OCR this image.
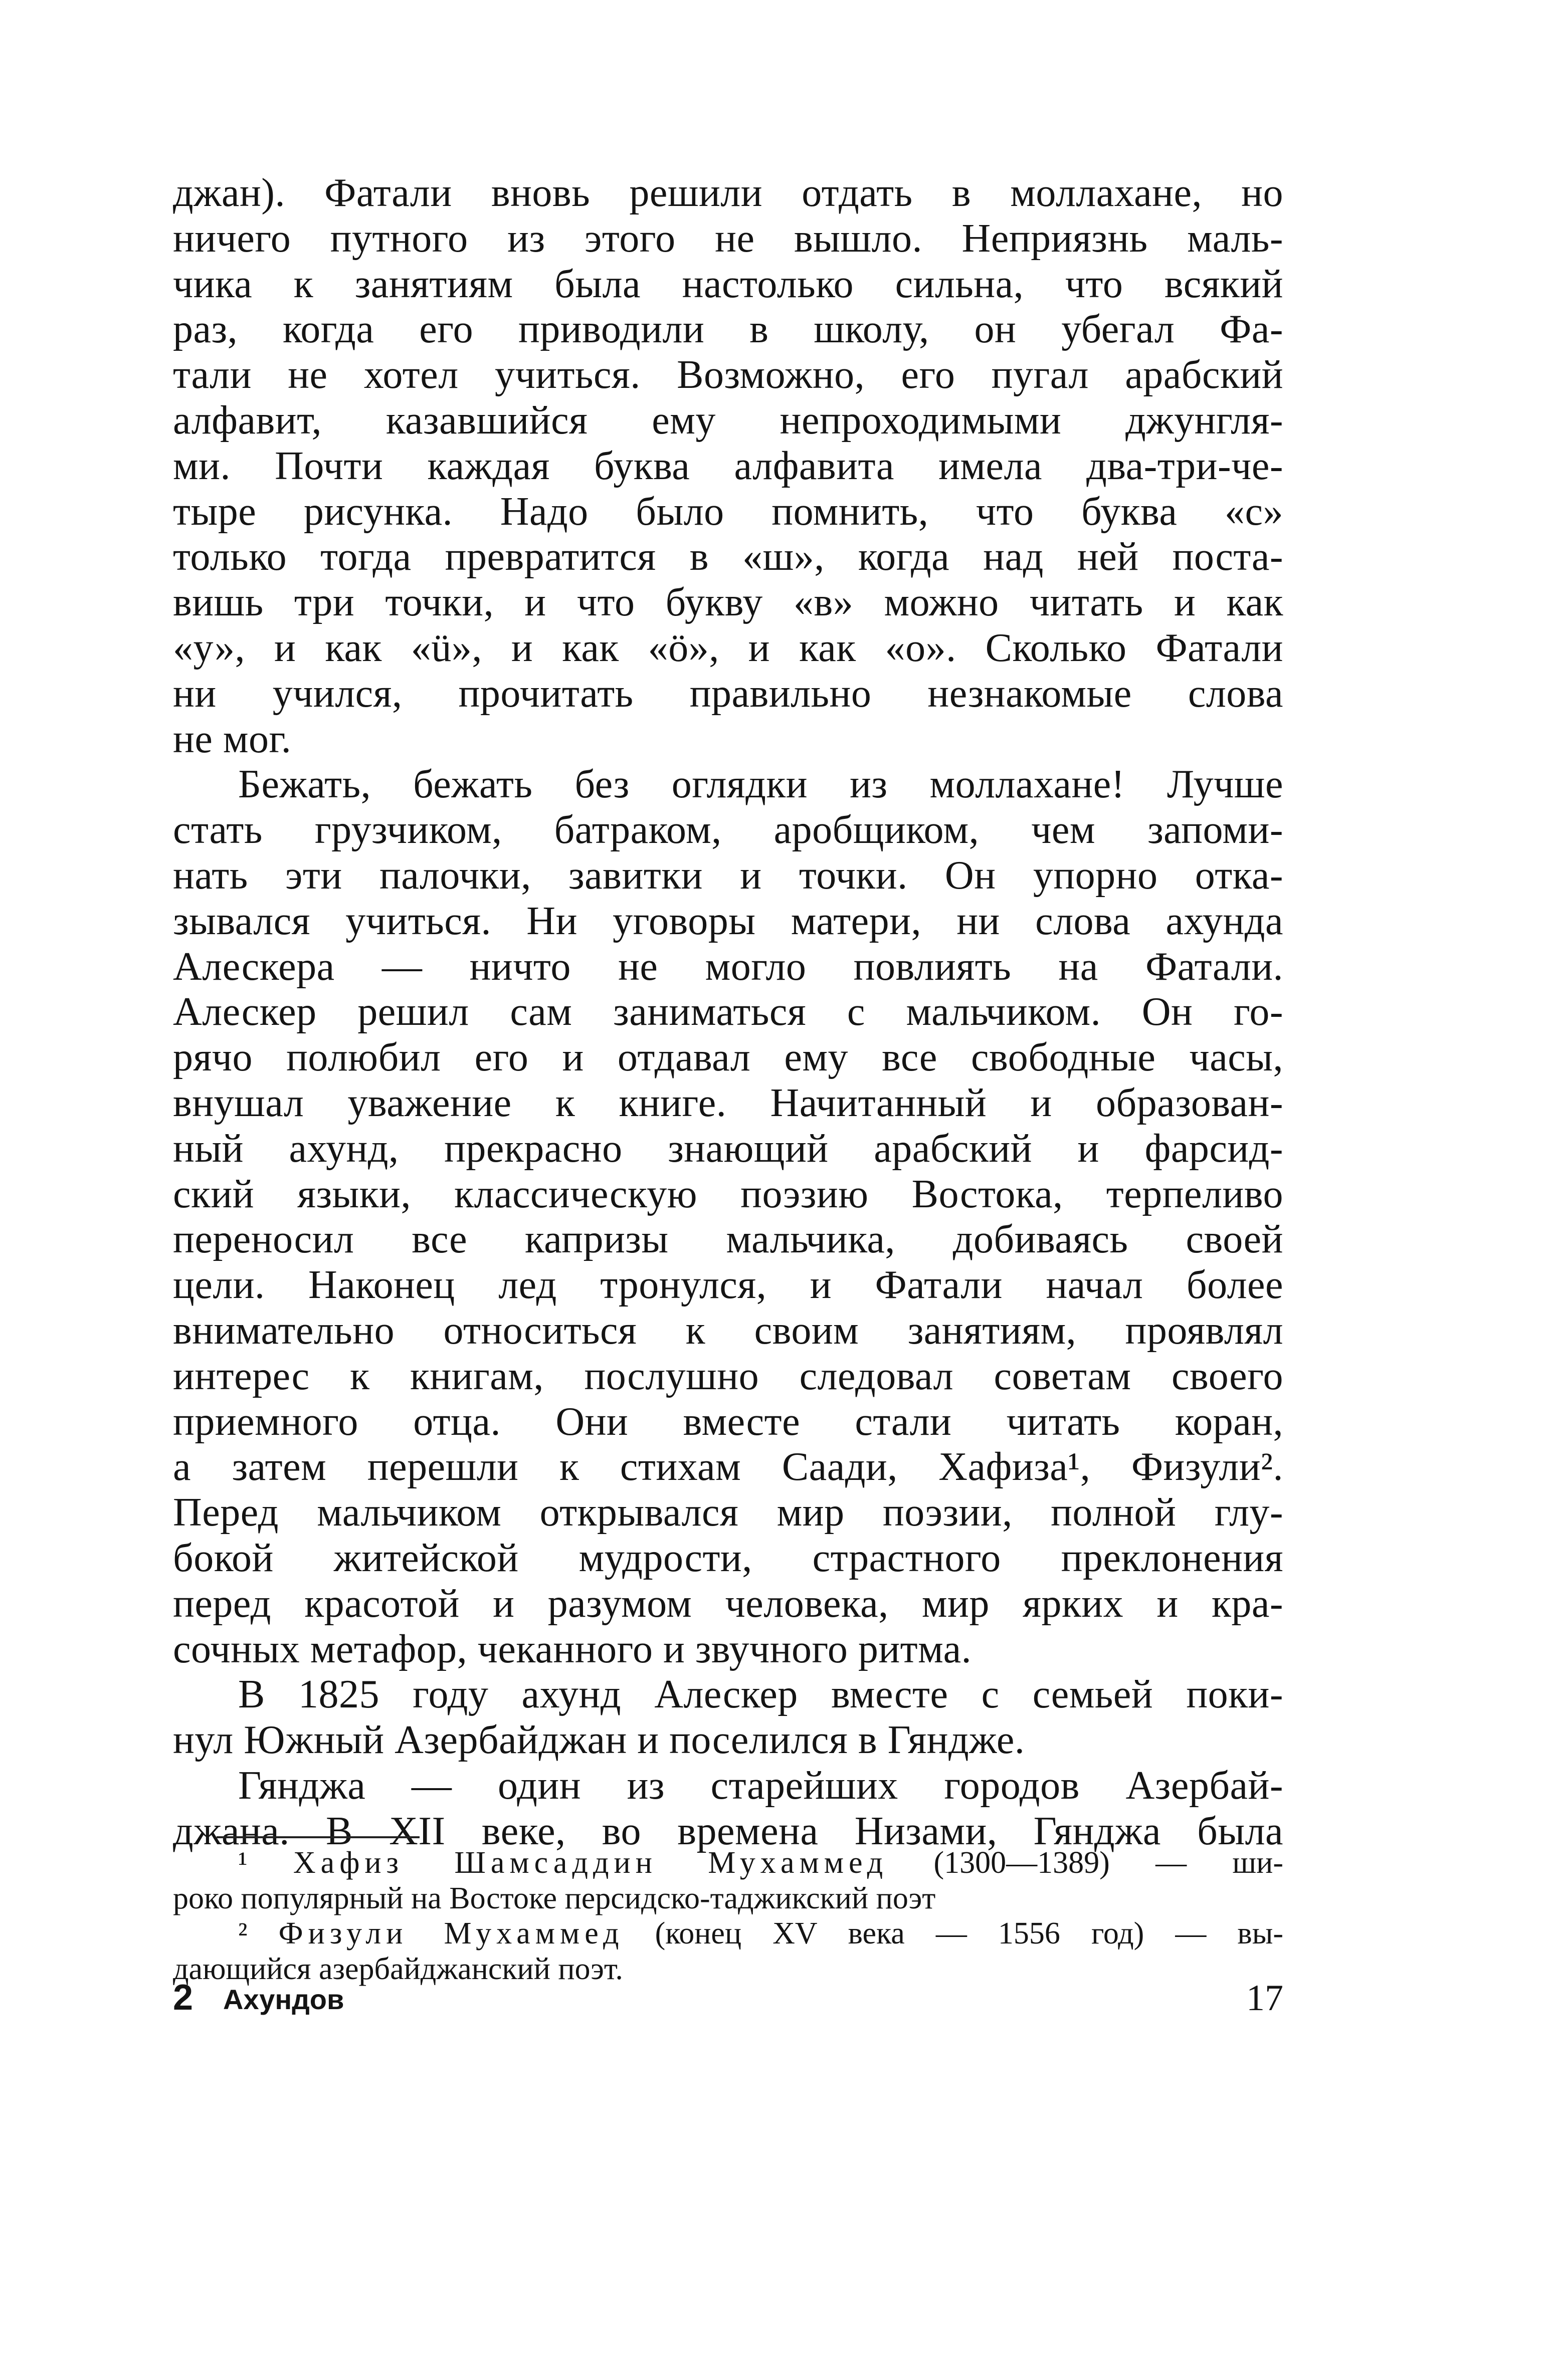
джан). Фатали вновь решили отдать в моллахане, но
ничего путного из этого не вышло. Неприязнь маль-
чика к занятиям была настолько сильна, что всякий
раз, когда его приводили в школу, он убегал Фа-
тали не хотел учиться. Возможно, его пугал арабский
алфавит, казавшийся ему непроходимыми джунгля-
ми. Почти каждая буква алфавита имела два-три-че-
тыре рисунка. Надо было помнить, что буква «с»
только тогда превратится в «ш», когда над ней поста-
вишь три точки, и что букву «в» можно читать и как
«у», и как «ü», и как «ö», и как «о». Сколько Фатали
ни учился, прочитать правильно незнакомые слова
не мог.
Бежать, бежать без оглядки из моллахане! Лучше
стать грузчиком, батраком, аробщиком, чем запоми-
нать эти палочки, завитки и точки. Он упорно отка-
зывался учиться. Ни уговоры матери, ни слова ахунда
Алескера — ничто не могло повлиять на Фатали.
Алескер решил сам заниматься с мальчиком. Он го-
рячо полюбил его и отдавал ему все свободные часы,
внушал уважение к книге. Начитанный и образован-
ный ахунд, прекрасно знающий арабский и фарсид-
ский языки, классическую поэзию Востока, терпеливо
переносил все капризы мальчика, добиваясь своей
цели. Наконец лед тронулся, и Фатали начал более
внимательно относиться к своим занятиям, проявлял
интерес к книгам, послушно следовал советам своего
приемного отца. Они вместе стали читать коран,
а затем перешли к стихам Саади, Хафиза¹, Физули².
Перед мальчиком открывался мир поэзии, полной глу-
бокой житейской мудрости, страстного преклонения
перед красотой и разумом человека, мир ярких и кра-
сочных метафор, чеканного и звучного ритма.
В 1825 году ахунд Алескер вместе с семьей поки-
нул Южный Азербайджан и поселился в Гяндже.
Гянджа — один из старейших городов Азербай-
джана. В XII веке, во времена Низами, Гянджа была
¹ Хафиз Шамсаддин Мухаммед (1300—1389) — ши-
роко популярный на Востоке персидско-таджикский поэт
² Физули Мухаммед (конец XV века — 1556 год) — вы-
дающийся азербайджанский поэт.
2 Ахундов	17
